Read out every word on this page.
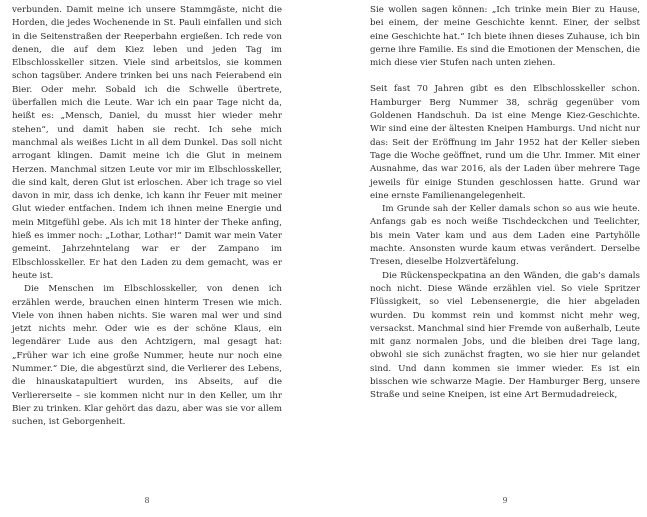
verbunden. Damit meine ich unsere Stammgäste, nicht die Horden, die jedes Wochenende in St. Pauli einfallen und sich in die Seitenstraßen der Reeperbahn ergießen. Ich rede von denen, die auf dem Kiez leben und jeden Tag im Elbschlosskeller sitzen. Viele sind arbeitslos, sie kommen schon tagsüber. Andere trinken bei uns nach Feierabend ein Bier. Oder mehr. Sobald ich die Schwelle übertrete, überfallen mich die Leute. War ich ein paar Tage nicht da, heißt es: „Mensch, Daniel, du musst hier wieder mehr stehen“, und damit haben sie recht. Ich sehe mich manchmal als weißes Licht in all dem Dunkel. Das soll nicht arrogant klingen. Damit meine ich die Glut in meinem Herzen. Manchmal sitzen Leute vor mir im Elbschlosskeller, die sind kalt, deren Glut ist erloschen. Aber ich trage so viel davon in mir, dass ich denke, ich kann ihr Feuer mit meiner Glut wieder entfachen. Indem ich ihnen meine Energie und mein Mitgefühl gebe. Als ich mit 18 hinter der Theke anfing, hieß es immer noch: „Lothar, Lothar!“ Damit war mein Vater gemeint. Jahrzehntelang war er der Zampano im Elbschlosskeller. Er hat den Laden zu dem gemacht, was er heute ist.

Die Menschen im Elbschlosskeller, von denen ich erzählen werde, brauchen einen hinterm Tresen wie mich. Viele von ihnen haben nichts. Sie waren mal wer und sind jetzt nichts mehr. Oder wie es der schöne Klaus, ein legendärer Lude aus den Achtzigern, mal gesagt hat: „Früher war ich eine große Nummer, heute nur noch eine Nummer.“ Die, die abgestürzt sind, die Verlierer des Lebens, die hinauskatapultiert wurden, ins Abseits, auf die Verliererseite – sie kommen nicht nur in den Keller, um ihr Bier zu trinken. Klar gehört das dazu, aber was sie vor allem suchen, ist Geborgenheit.

8

Sie wollen sagen können: „Ich trinke mein Bier zu Hause, bei einem, der meine Geschichte kennt. Einer, der selbst eine Geschichte hat.“ Ich biete ihnen dieses Zuhause, ich bin gerne ihre Familie. Es sind die Emotionen der Menschen, die mich diese vier Stufen nach unten ziehen.

Seit fast 70 Jahren gibt es den Elbschlosskeller schon. Hamburger Berg Nummer 38, schräg gegenüber vom Goldenen Handschuh. Da ist eine Menge Kiez-Geschichte. Wir sind eine der ältesten Kneipen Hamburgs. Und nicht nur das: Seit der Eröffnung im Jahr 1952 hat der Keller sieben Tage die Woche geöffnet, rund um die Uhr. Immer. Mit einer Ausnahme, das war 2016, als der Laden über mehrere Tage jeweils für einige Stunden geschlossen hatte. Grund war eine ernste Familienangelegenheit.

Im Grunde sah der Keller damals schon so aus wie heute. Anfangs gab es noch weiße Tischdeckchen und Teelichter, bis mein Vater kam und aus dem Laden eine Partyhölle machte. Ansonsten wurde kaum etwas verändert. Derselbe Tresen, dieselbe Holzvertäfelung.

Die Rückenspeckpatina an den Wänden, die gab’s damals noch nicht. Diese Wände erzählen viel. So viele Spritzer Flüssigkeit, so viel Lebensenergie, die hier abgeladen wurden. Du kommst rein und kommst nicht mehr weg, versackst. Manchmal sind hier Fremde von außerhalb, Leute mit ganz normalen Jobs, und die bleiben drei Tage lang, obwohl sie sich zunächst fragten, wo sie hier nur gelandet sind. Und dann kommen sie immer wieder. Es ist ein bisschen wie schwarze Magie. Der Hamburger Berg, unsere Straße und seine Kneipen, ist eine Art Bermudadreieck,

9
